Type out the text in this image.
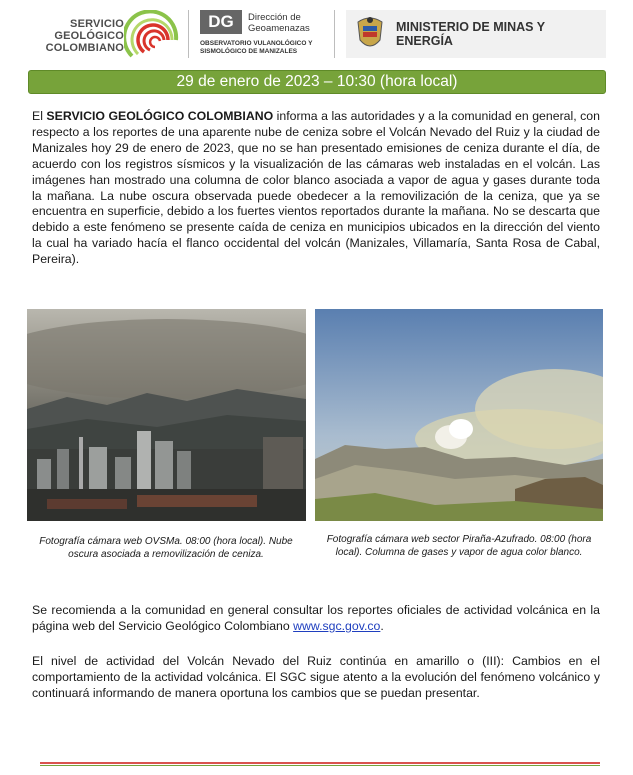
SERVICIO
GEOLÓGICO
COLOMBIANO
DG	Dirección de
Geoamenazas
OBSERVATORIO VULANOLÓGICO Y
SISMOLÓGICO DE MANIZALES
MINISTERIO DE MINAS Y
ENERGÍA
29 de enero de 2023 – 10:30 (hora local)
El SERVICIO GEOLÓGICO COLOMBIANO informa a las autoridades y a la comunidad en general, con respecto a los reportes de una aparente nube de ceniza sobre el Volcán Nevado del Ruiz y la ciudad de Manizales hoy 29 de enero de 2023, que no se han presentado emisiones de ceniza durante el día, de acuerdo con los registros sísmicos y la visualización de las cámaras web instaladas en el volcán. Las imágenes han mostrado una columna de color blanco asociada a vapor de agua y gases durante toda la mañana. La nube oscura observada puede obedecer a la removilización de la ceniza, que ya se encuentra en superficie, debido a los fuertes vientos reportados durante la mañana. No se descarta que debido a este fenómeno se presente caída de ceniza en municipios ubicados en la dirección del viento la cual ha variado hacía el flanco occidental del volcán (Manizales, Villamaría, Santa Rosa de Cabal, Pereira).
Fotografía cámara web OVSMa. 08:00 (hora local). Nube oscura asociada a removilización de ceniza.
Fotografía cámara web sector Piraña-Azufrado. 08:00 (hora local). Columna de gases y vapor de agua color blanco.
Se recomienda a la comunidad en general consultar los reportes oficiales de actividad volcánica en la página web del Servicio Geológico Colombiano www.sgc.gov.co.
El nivel de actividad del Volcán Nevado del Ruiz continúa en amarillo o (III): Cambios en el comportamiento de la actividad volcánica. El SGC sigue atento a la evolución del fenómeno volcánico y continuará informando de manera oportuna los cambios que se puedan presentar.
